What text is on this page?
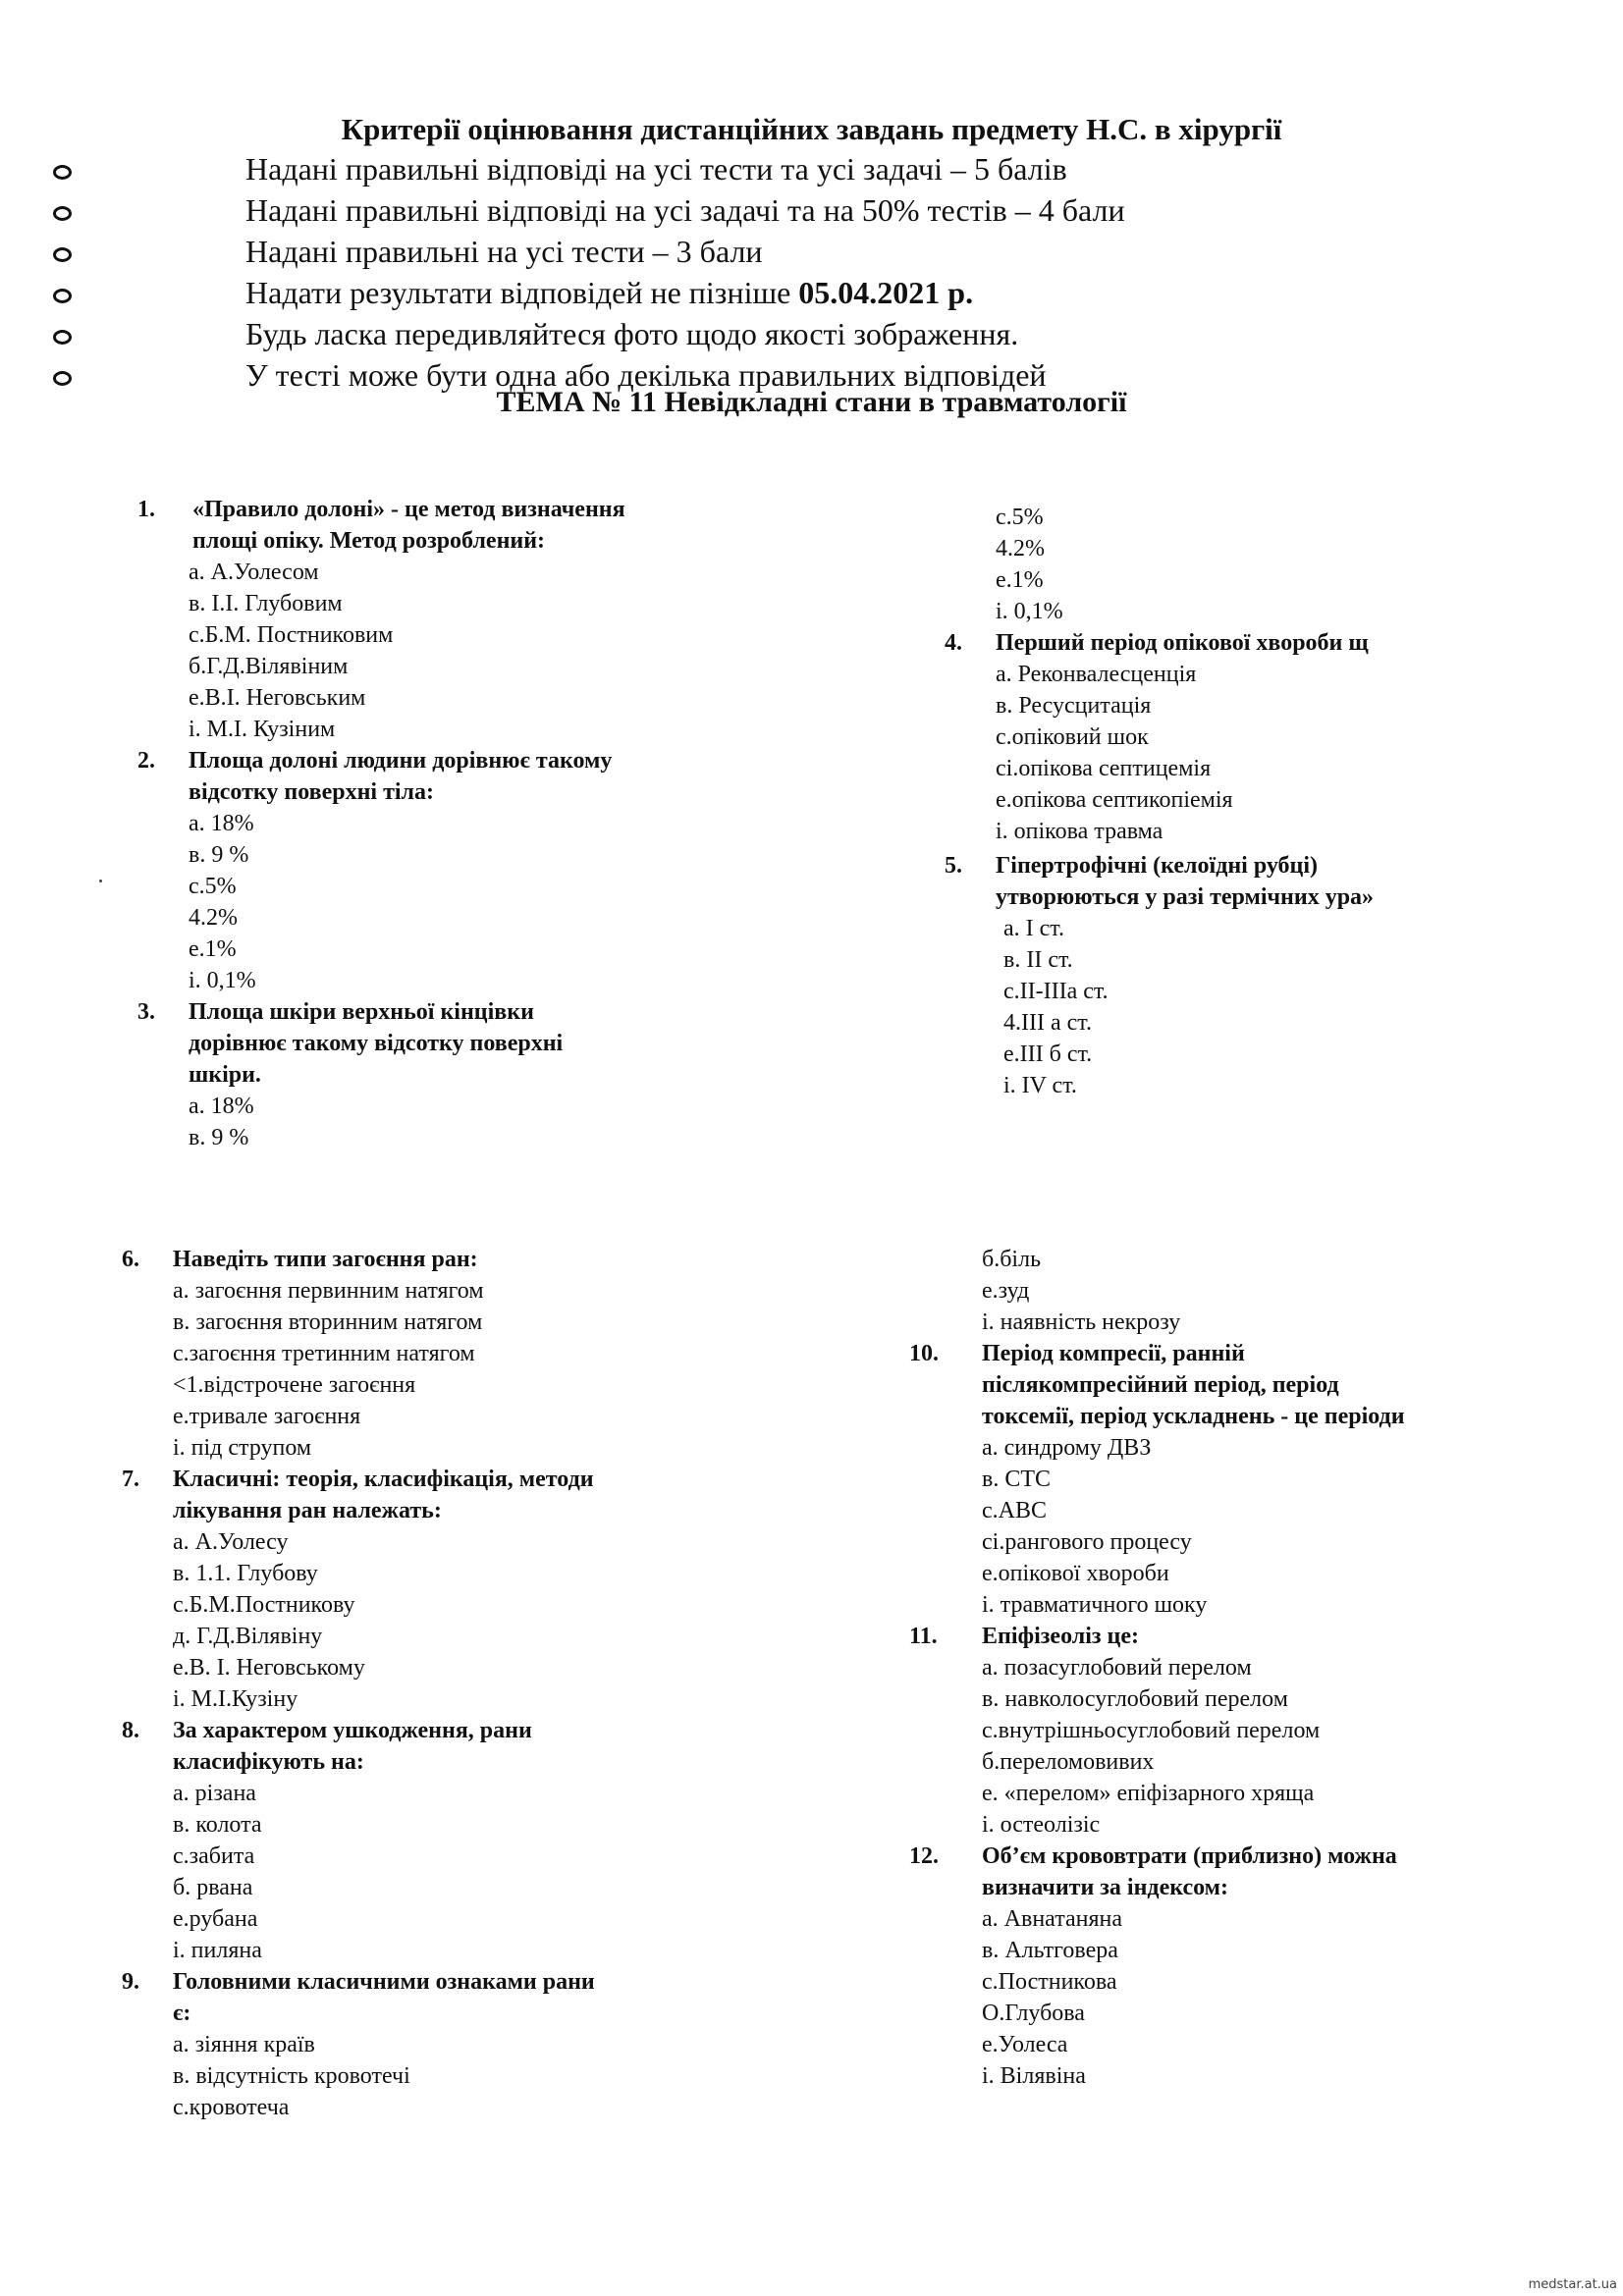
Критерії оцінювання дистанційних завдань предмету Н.С. в хірургії
Надані правильні відповіді на усі тести та усі задачі – 5 балів
Надані правильні відповіді на усі задачі та на 50% тестів – 4 бали
Надані правильні на усі тести – 3 бали
Надати результати відповідей не пізніше 05.04.2021 р.
Будь ласка передивляйтеся фото щодо якості зображення.
У тесті може бути одна або декілька правильних відповідей
ТЕМА № 11 Невідкладні стани в травматології
1. «Правило долоні» - це метод визначення
площі опіку. Метод розроблений:
а. А.Уолесом
в. І.І. Глубовим
с.Б.М. Постниковим
б.Г.Д.Вілявіним
е.В.І. Неговським
і. М.І. Кузіним
2. Площа долоні людини дорівнює такому
відсотку поверхні тіла:
а. 18%
в. 9 %
с.5%
4.2%
е.1%
і. 0,1%
3. Площа шкіри верхньої кінцівки
дорівнює такому відсотку поверхні
шкіри.
а. 18%
в. 9 %
с.5%
4.2%
е.1%
і. 0,1%
4. Перший період опікової хвороби щ
а. Реконвалесценція
в. Ресусцитація
с.опіковий шок
сі.опікова септицемія
е.опікова септикопіемія
і. опікова травма
5. Гіпертрофічні (келоїдні рубці)
утворюються у разі термічних ура»
а. І ст.
в. ІІ ст.
с.ІІ-ІІІа ст.
4.ІІІ а ст.
е.ІІІ б ст.
і. IV ст.
6. Наведіть типи загоєння ран:
а. загоєння первинним натягом
в. загоєння вторинним натягом
с.загоєння третинним натягом
<1.відстрочене загоєння
е.тривале загоєння
і. під струпом
7. Класичні: теорія, класифікація, методи
лікування ран належать:
а. А.Уолесу
в. 1.1. Глубову
с.Б.М.Постникову
д. Г.Д.Вілявіну
е.В. І. Неговському
і. М.І.Кузіну
8. За характером ушкодження, рани
класифікують на:
а. різана
в. колота
с.забита
б. рвана
е.рубана
і. пиляна
9. Головними класичними ознаками рани
є:
а. зіяння країв
в. відсутність кровотечі
с.кровотеча
б.біль
е.зуд
і. наявність некрозу
10. Період компресії, ранній
післякомпресійний період, період
токсемії, період ускладнень - це періоди
а. синдрому ДВЗ
в. СТС
с.АВС
сі.рангового процесу
е.опікової хвороби
і. травматичного шоку
11. Епіфізеоліз це:
а. позасуглобовий перелом
в. навколосуглобовий перелом
с.внутрішньосуглобовий перелом
б.переломовивих
е. «перелом» епіфізарного хряща
і. остеолізіс
12. Об’єм крововтрати (приблизно) можна
визначити за індексом:
а. Авнатаняна
в. Альтговера
с.Постникова
О.Глубова
е.Уолеса
і. Вілявіна
medstar.at.ua
